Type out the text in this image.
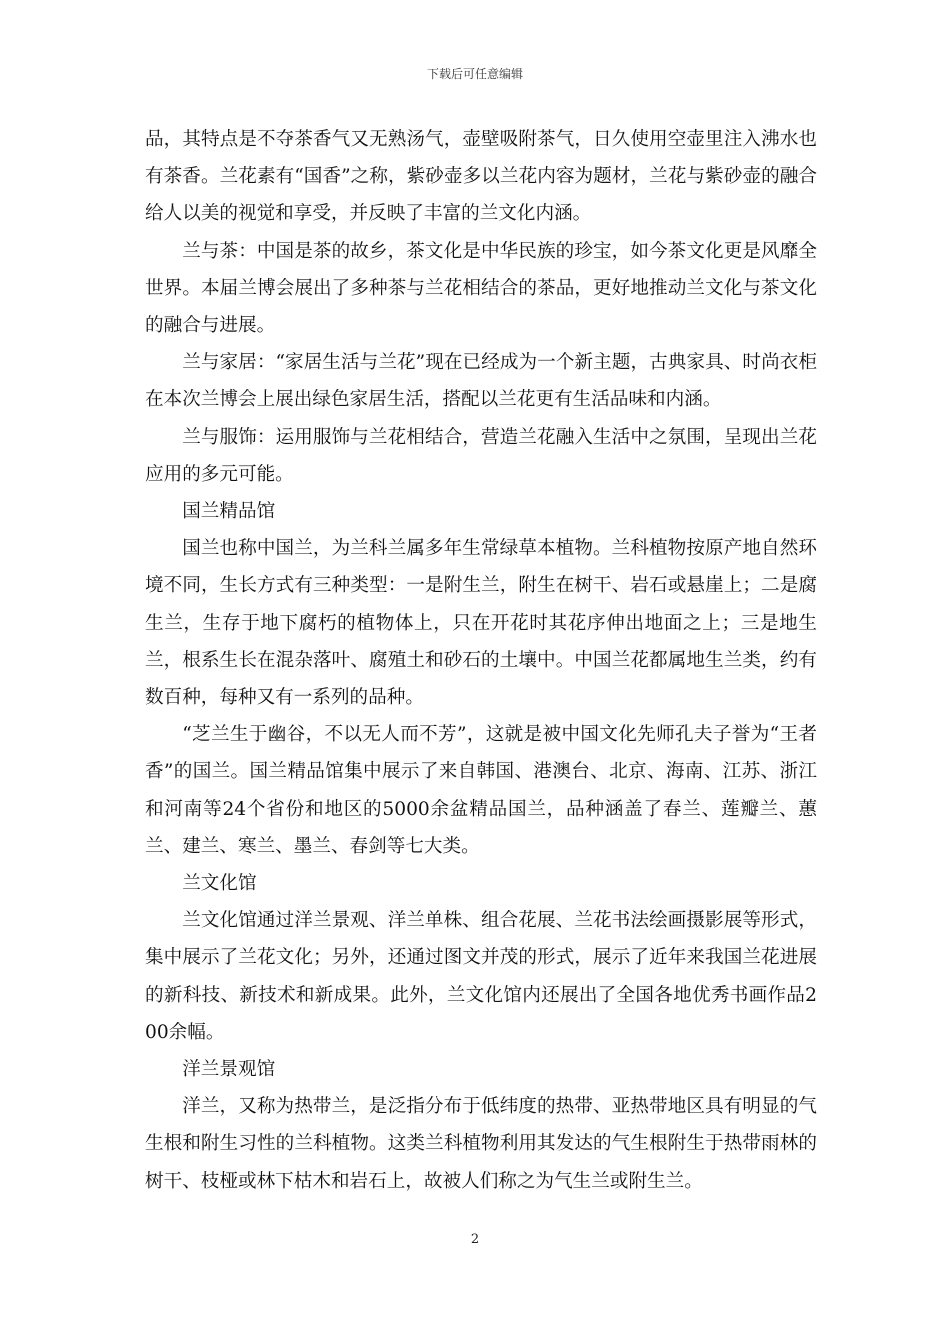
下载后可任意编辑

品，其特点是不夺茶香气又无熟汤气，壶壁吸附茶气，日久使用空壶里注入沸水也有茶香。兰花素有“国香”之称，紫砂壶多以兰花内容为题材，兰花与紫砂壶的融合给人以美的视觉和享受，并反映了丰富的兰文化内涵。

兰与茶：中国是茶的故乡，茶文化是中华民族的珍宝，如今茶文化更是风靡全世界。本届兰博会展出了多种茶与兰花相结合的茶品，更好地推动兰文化与茶文化的融合与进展。

兰与家居：“家居生活与兰花”现在已经成为一个新主题，古典家具、时尚衣柜在本次兰博会上展出绿色家居生活，搭配以兰花更有生活品味和内涵。

兰与服饰：运用服饰与兰花相结合，营造兰花融入生活中之氛围，呈现出兰花应用的多元可能。

国兰精品馆

国兰也称中国兰，为兰科兰属多年生常绿草本植物。兰科植物按原产地自然环境不同，生长方式有三种类型：一是附生兰，附生在树干、岩石或悬崖上；二是腐生兰，生存于地下腐朽的植物体上，只在开花时其花序伸出地面之上；三是地生兰，根系生长在混杂落叶、腐殖土和砂石的土壤中。中国兰花都属地生兰类，约有数百种，每种又有一系列的品种。

“芝兰生于幽谷，不以无人而不芳”，这就是被中国文化先师孔夫子誉为“王者香”的国兰。国兰精品馆集中展示了来自韩国、港澳台、北京、海南、江苏、浙江和河南等24个省份和地区的5000余盆精品国兰，品种涵盖了春兰、莲瓣兰、蕙兰、建兰、寒兰、墨兰、春剑等七大类。

兰文化馆

兰文化馆通过洋兰景观、洋兰单株、组合花展、兰花书法绘画摄影展等形式，集中展示了兰花文化；另外，还通过图文并茂的形式，展示了近年来我国兰花进展的新科技、新技术和新成果。此外，兰文化馆内还展出了全国各地优秀书画作品200余幅。

洋兰景观馆

洋兰，又称为热带兰，是泛指分布于低纬度的热带、亚热带地区具有明显的气生根和附生习性的兰科植物。这类兰科植物利用其发达的气生根附生于热带雨林的树干、枝桠或林下枯木和岩石上，故被人们称之为气生兰或附生兰。

2
